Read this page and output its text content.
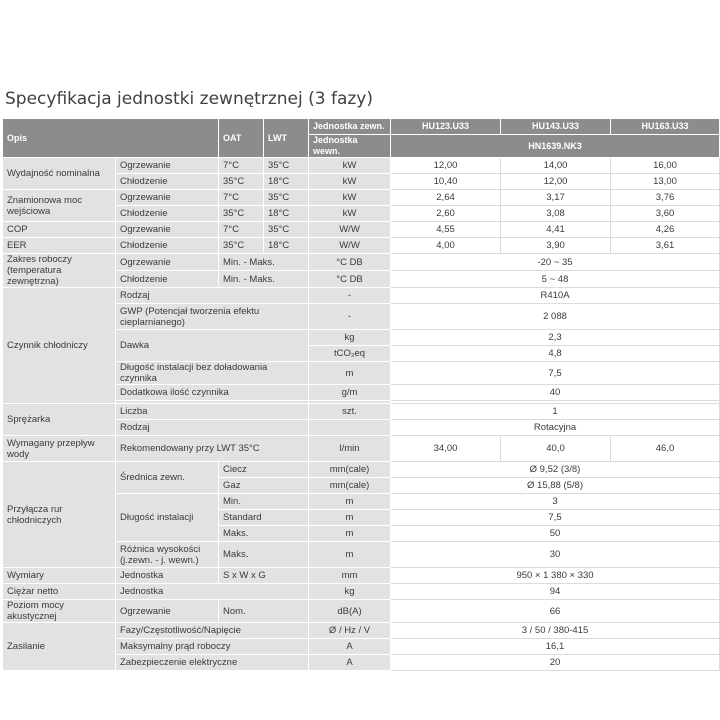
Specyfikacja jednostki zewnętrznej (3 fazy)
Opis		OAT	LWT	Jednostka zewn.	HU123.U33	HU143.U33	HU163.U33
				Jednostka wewn.	HN1639.NK3		
Wydajność nominalna	Ogrzewanie	7°C	35°C	kW	12,00	14,00	16,00
	Chłodzenie	35°C	18°C	kW	10,40	12,00	13,00
Znamionowa moc wejściowa	Ogrzewanie	7°C	35°C	kW	2,64	3,17	3,76
	Chłodzenie	35°C	18°C	kW	2,60	3,08	3,60
COP	Ogrzewanie	7°C	35°C	W/W	4,55	4,41	4,26
EER	Chłodzenie	35°C	18°C	W/W	4,00	3,90	3,61
Zakres roboczy (temperatura zewnętrzna)	Ogrzewanie	Min. - Maks.		°C DB	-20 ~ 35		
	Chłodzenie	Min. - Maks.		°C DB	5 ~ 48		
Czynnik chłodniczy	Rodzaj			-	R410A		
	GWP (Potencjał tworzenia efektu cieplarnianego)			-	2 088		
	Dawka			kg	2,3		
				tCO₂eq	4,8		
	Długość instalacji bez doładowania czynnika			m	7,5		
	Dodatkowa ilość czynnika			g/m	40		

Sprężarka	Liczba			szt.	1		
	Rodzaj				Rotacyjna		
Wymagany przepływ wody	Rekomendowany przy LWT 35°C			l/min	34,00	40,0	46,0
Przyłącza rur chłodniczych	Średnica zewn.	Ciecz		mm(cale)	Ø 9,52 (3/8)		
		Gaz		mm(cale)	Ø 15,88 (5/8)		
	Długość instalacji	Min.		m	3		
		Standard		m	7,5		
		Maks.		m	50		
	Różnica wysokości (j.zewn. - j. wewn.)	Maks.		m	30		
Wymiary	Jednostka	S x W x G		mm	950 × 1 380 × 330		
Ciężar netto	Jednostka			kg	94		
Poziom mocy akustycznej	Ogrzewanie	Nom.		dB(A)	66		
Zasilanie	Fazy/Częstotliwość/Napięcie			Ø / Hz / V	3 / 50 / 380-415		
	Maksymalny prąd roboczy			A	16,1		
	Zabezpieczenie elektryczne			A	20		
